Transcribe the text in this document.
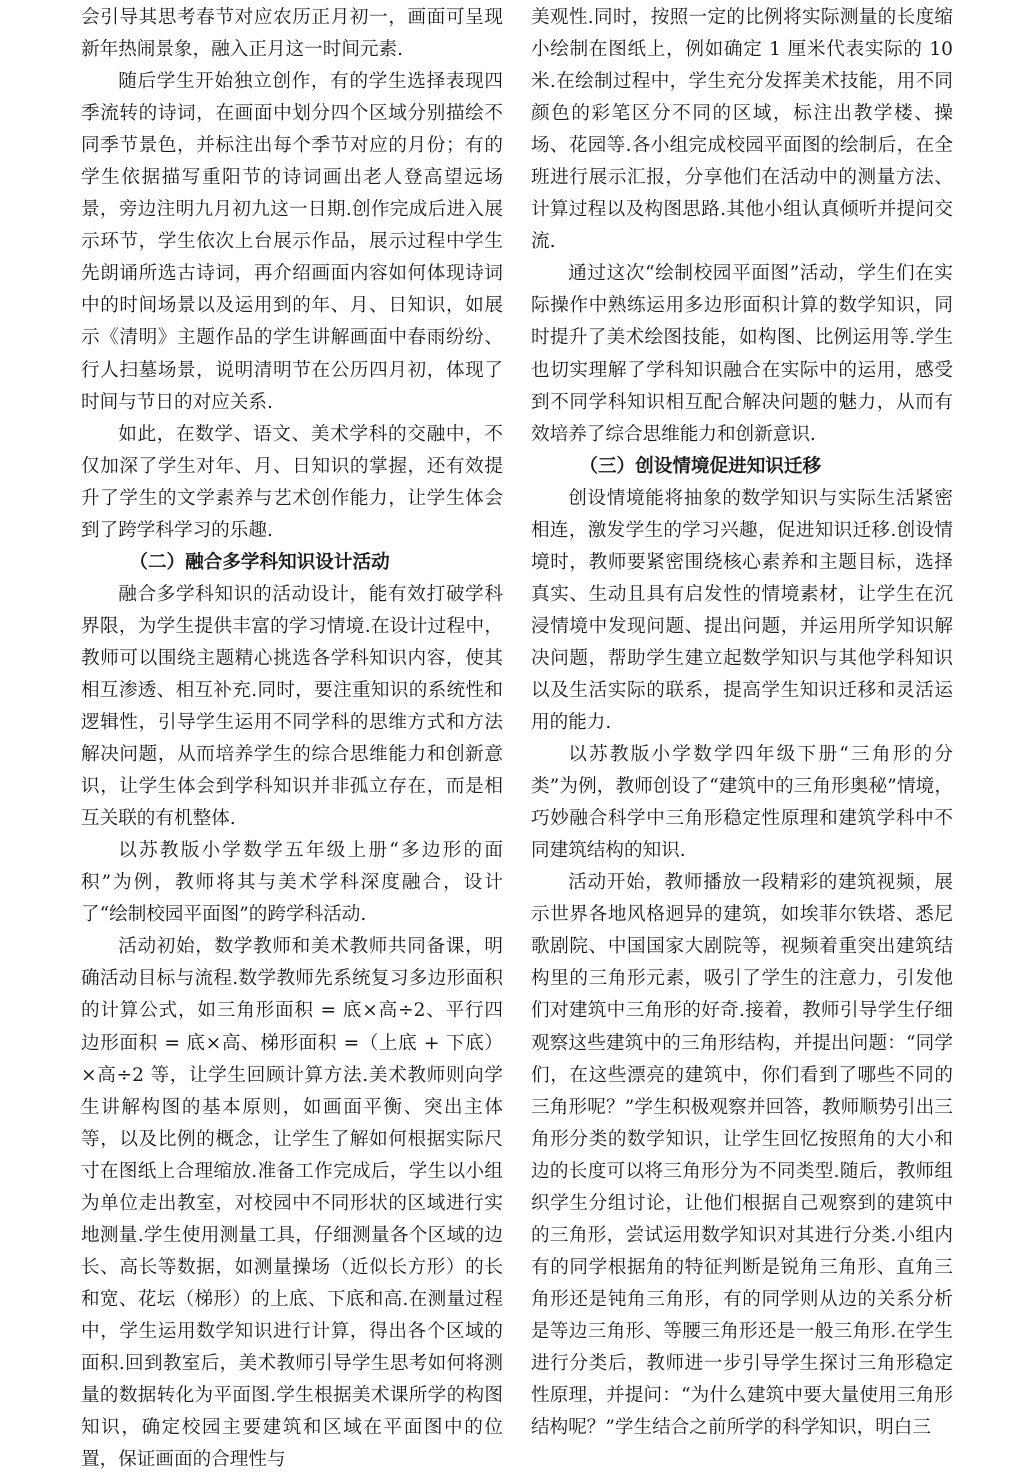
会引导其思考春节对应农历正月初一，画面可呈现新年热闹景象，融入正月这一时间元素.

随后学生开始独立创作，有的学生选择表现四季流转的诗词，在画面中划分四个区域分别描绘不同季节景色，并标注出每个季节对应的月份；有的学生依据描写重阳节的诗词画出老人登高望远场景，旁边注明九月初九这一日期.创作完成后进入展示环节，学生依次上台展示作品，展示过程中学生先朗诵所选古诗词，再介绍画面内容如何体现诗词中的时间场景以及运用到的年、月、日知识，如展示《清明》主题作品的学生讲解画面中春雨纷纷、行人扫墓场景，说明清明节在公历四月初，体现了时间与节日的对应关系.

如此，在数学、语文、美术学科的交融中，不仅加深了学生对年、月、日知识的掌握，还有效提升了学生的文学素养与艺术创作能力，让学生体会到了跨学科学习的乐趣.

（二）融合多学科知识设计活动

融合多学科知识的活动设计，能有效打破学科界限，为学生提供丰富的学习情境.在设计过程中，教师可以围绕主题精心挑选各学科知识内容，使其相互渗透、相互补充.同时，要注重知识的系统性和逻辑性，引导学生运用不同学科的思维方式和方法解决问题，从而培养学生的综合思维能力和创新意识，让学生体会到学科知识并非孤立存在，而是相互关联的有机整体.

以苏教版小学数学五年级上册“多边形的面积”为例，教师将其与美术学科深度融合，设计了“绘制校园平面图”的跨学科活动.

活动初始，数学教师和美术教师共同备课，明确活动目标与流程.数学教师先系统复习多边形面积的计算公式，如三角形面积 = 底×高÷2、平行四边形面积 = 底×高、梯形面积 =（上底 + 下底）×高÷2 等，让学生回顾计算方法.美术教师则向学生讲解构图的基本原则，如画面平衡、突出主体等，以及比例的概念，让学生了解如何根据实际尺寸在图纸上合理缩放.准备工作完成后，学生以小组为单位走出教室，对校园中不同形状的区域进行实地测量.学生使用测量工具，仔细测量各个区域的边长、高长等数据，如测量操场（近似长方形）的长和宽、花坛（梯形）的上底、下底和高.在测量过程中，学生运用数学知识进行计算，得出各个区域的面积.回到教室后，美术教师引导学生思考如何将测量的数据转化为平面图.学生根据美术课所学的构图知识，确定校园主要建筑和区域在平面图中的位置，保证画面的合理性与

美观性.同时，按照一定的比例将实际测量的长度缩小绘制在图纸上，例如确定 1 厘米代表实际的 10 米.在绘制过程中，学生充分发挥美术技能，用不同颜色的彩笔区分不同的区域，标注出教学楼、操场、花园等.各小组完成校园平面图的绘制后，在全班进行展示汇报，分享他们在活动中的测量方法、计算过程以及构图思路.其他小组认真倾听并提问交流.

通过这次“绘制校园平面图”活动，学生们在实际操作中熟练运用多边形面积计算的数学知识，同时提升了美术绘图技能，如构图、比例运用等.学生也切实理解了学科知识融合在实际中的运用，感受到不同学科知识相互配合解决问题的魅力，从而有效培养了综合思维能力和创新意识.

（三）创设情境促进知识迁移

创设情境能将抽象的数学知识与实际生活紧密相连，激发学生的学习兴趣，促进知识迁移.创设情境时，教师要紧密围绕核心素养和主题目标，选择真实、生动且具有启发性的情境素材，让学生在沉浸情境中发现问题、提出问题，并运用所学知识解决问题，帮助学生建立起数学知识与其他学科知识以及生活实际的联系，提高学生知识迁移和灵活运用的能力.

以苏教版小学数学四年级下册“三角形的分类”为例，教师创设了“建筑中的三角形奥秘”情境，巧妙融合科学中三角形稳定性原理和建筑学科中不同建筑结构的知识.

活动开始，教师播放一段精彩的建筑视频，展示世界各地风格迥异的建筑，如埃菲尔铁塔、悉尼歌剧院、中国国家大剧院等，视频着重突出建筑结构里的三角形元素，吸引了学生的注意力，引发他们对建筑中三角形的好奇.接着，教师引导学生仔细观察这些建筑中的三角形结构，并提出问题：“同学们，在这些漂亮的建筑中，你们看到了哪些不同的三角形呢？”学生积极观察并回答，教师顺势引出三角形分类的数学知识，让学生回忆按照角的大小和边的长度可以将三角形分为不同类型.随后，教师组织学生分组讨论，让他们根据自己观察到的建筑中的三角形，尝试运用数学知识对其进行分类.小组内有的同学根据角的特征判断是锐角三角形、直角三角形还是钝角三角形，有的同学则从边的关系分析是等边三角形、等腰三角形还是一般三角形.在学生进行分类后，教师进一步引导学生探讨三角形稳定性原理，并提问：“为什么建筑中要大量使用三角形结构呢？”学生结合之前所学的科学知识，明白三
